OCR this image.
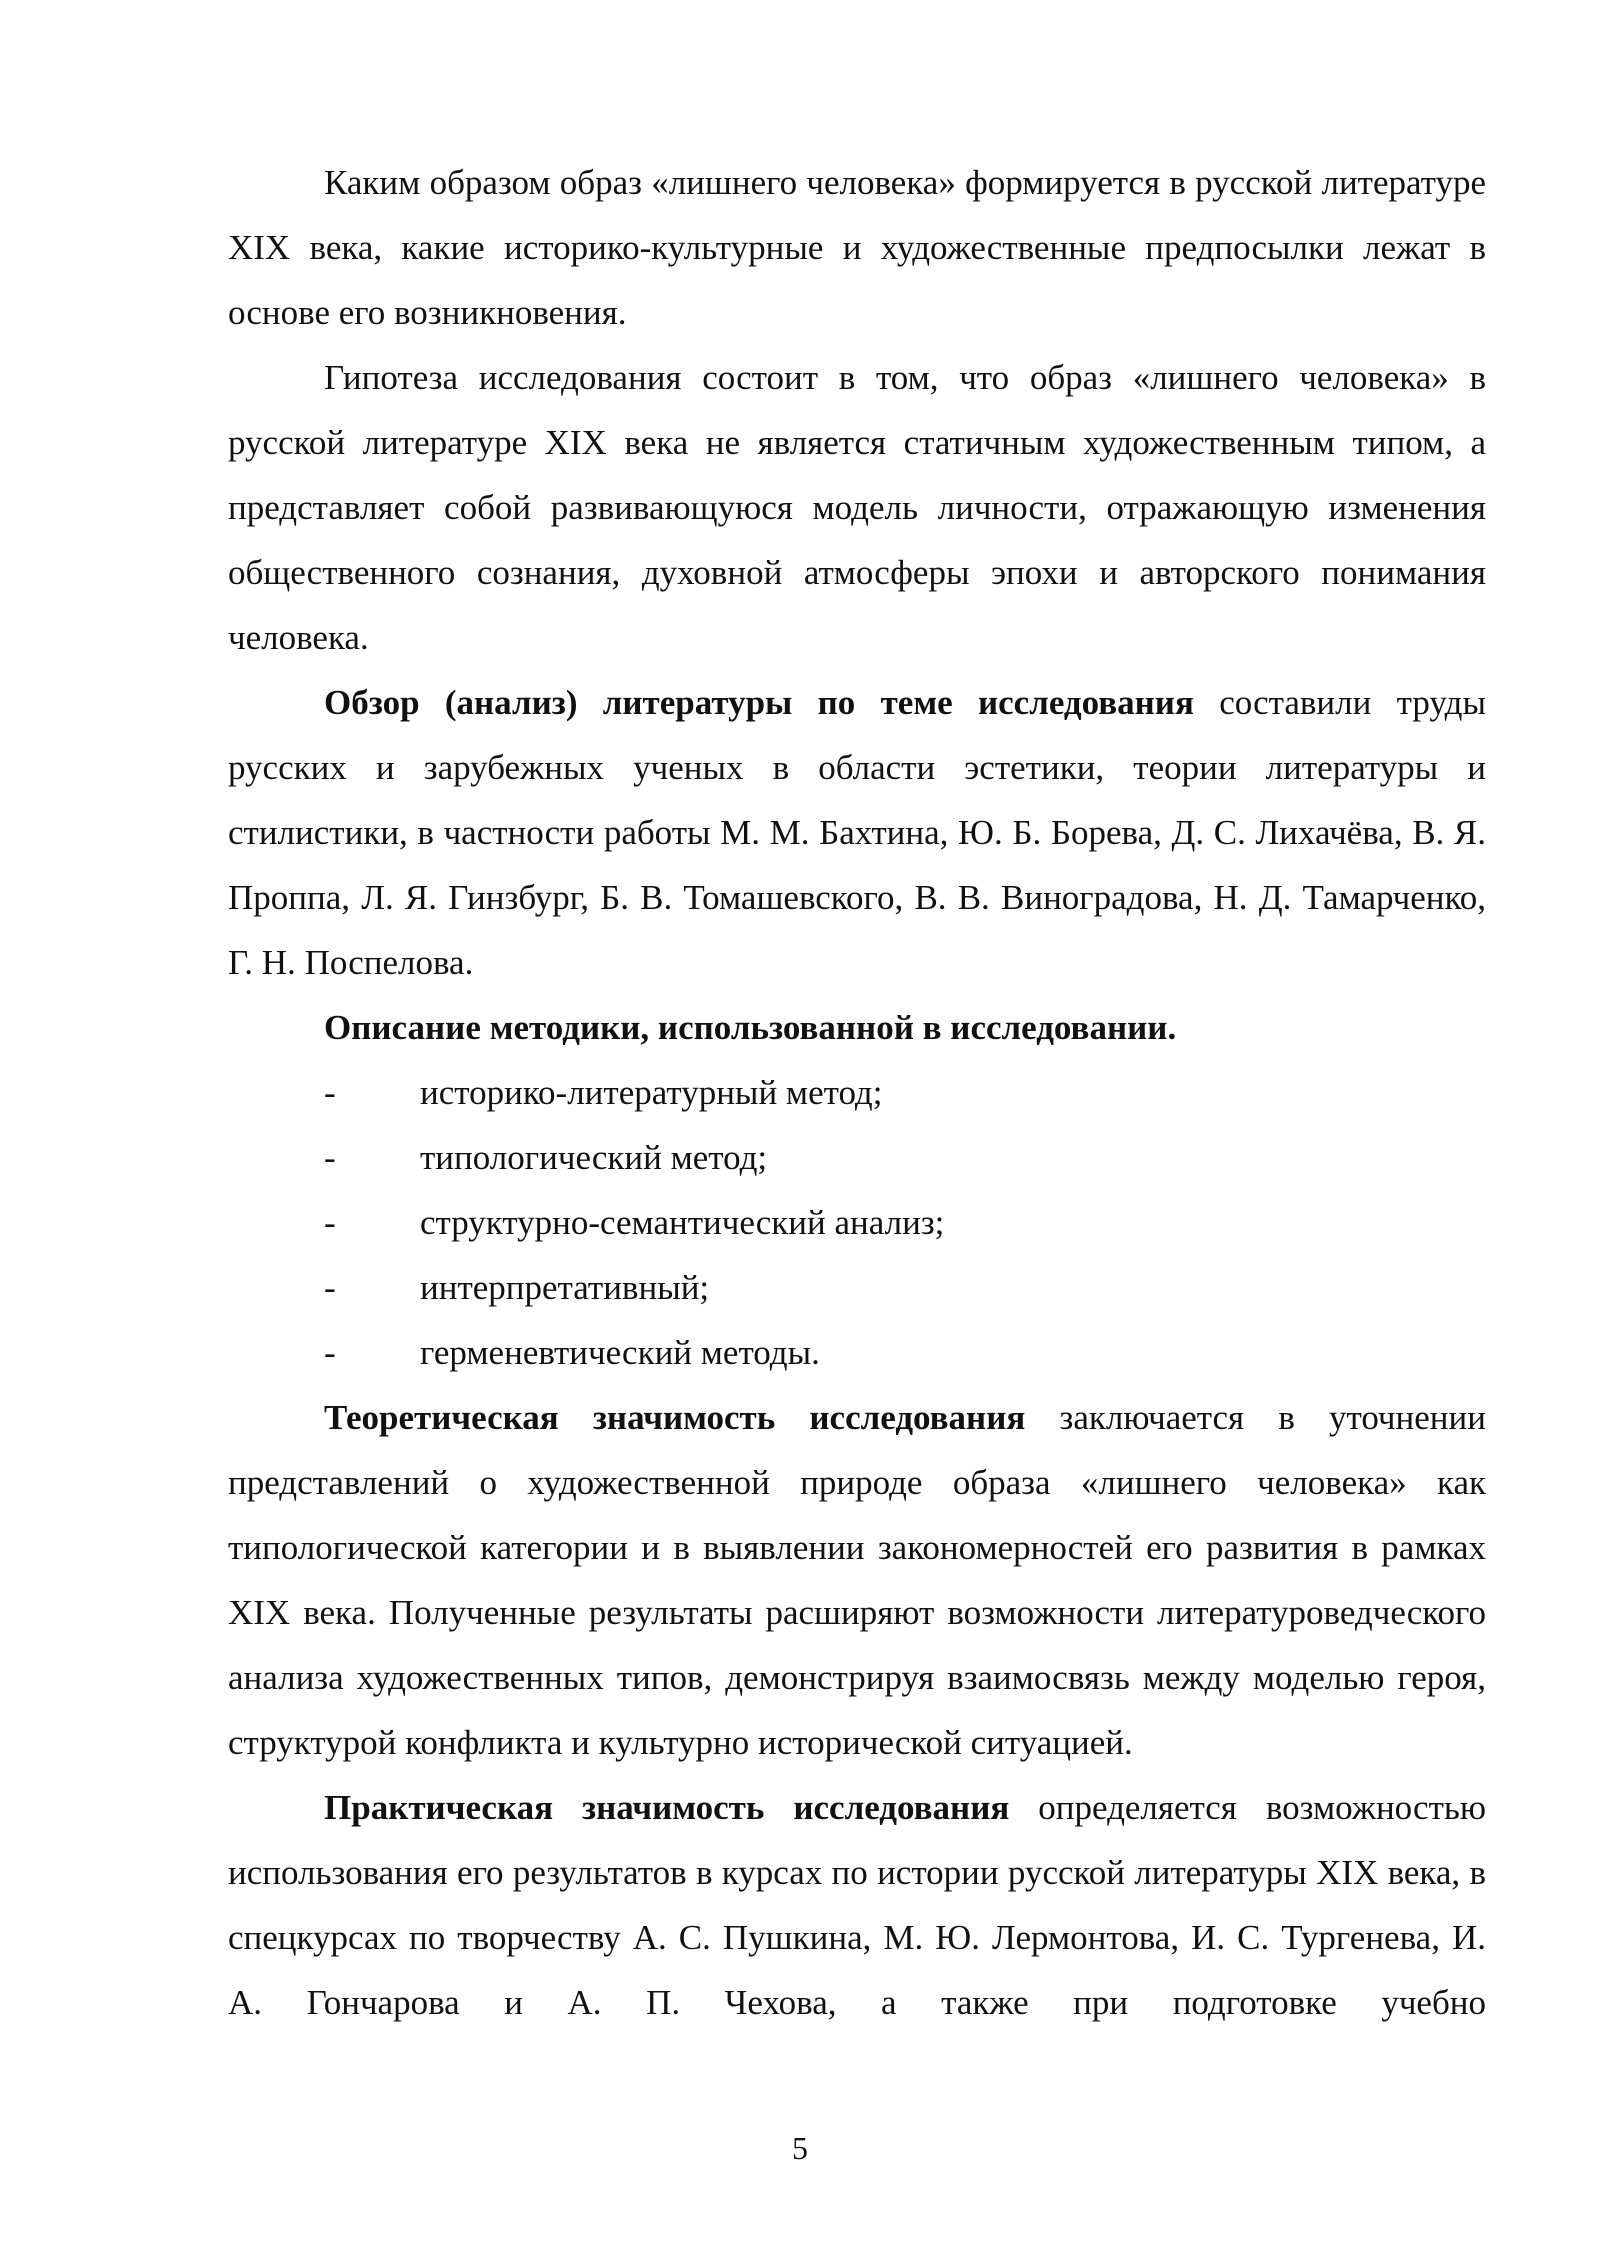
Каким образом образ «лишнего человека» формируется в русской литературе XIX века, какие историко-культурные и художественные предпосылки лежат в основе его возникновения.

Гипотеза исследования состоит в том, что образ «лишнего человека» в русской литературе XIX века не является статичным художественным типом, а представляет собой развивающуюся модель личности, отражающую изменения общественного сознания, духовной атмосферы эпохи и авторского понимания человека.

Обзор (анализ) литературы по теме исследования составили труды русских и зарубежных ученых в области эстетики, теории литературы и стилистики, в частности работы М. М. Бахтина, Ю. Б. Борева, Д. С. Лихачёва, В. Я. Проппа, Л. Я. Гинзбург, Б. В. Томашевского, В. В. Виноградова, Н. Д. Тамарченко, Г. Н. Поспелова.

Описание методики, использованной в исследовании.

- историко-литературный метод;
- типологический метод;
- структурно-семантический анализ;
- интерпретативный;
- герменевтический методы.

Теоретическая значимость исследования заключается в уточнении представлений о художественной природе образа «лишнего человека» как типологической категории и в выявлении закономерностей его развития в рамках XIX века. Полученные результаты расширяют возможности литературоведческого анализа художественных типов, демонстрируя взаимосвязь между моделью героя, структурой конфликта и культурно исторической ситуацией.

Практическая значимость исследования определяется возможностью использования его результатов в курсах по истории русской литературы XIX века, в спецкурсах по творчеству А. С. Пушкина, М. Ю. Лермонтова, И. С. Тургенева, И. А. Гончарова и А. П. Чехова, а также при подготовке учебно

5
